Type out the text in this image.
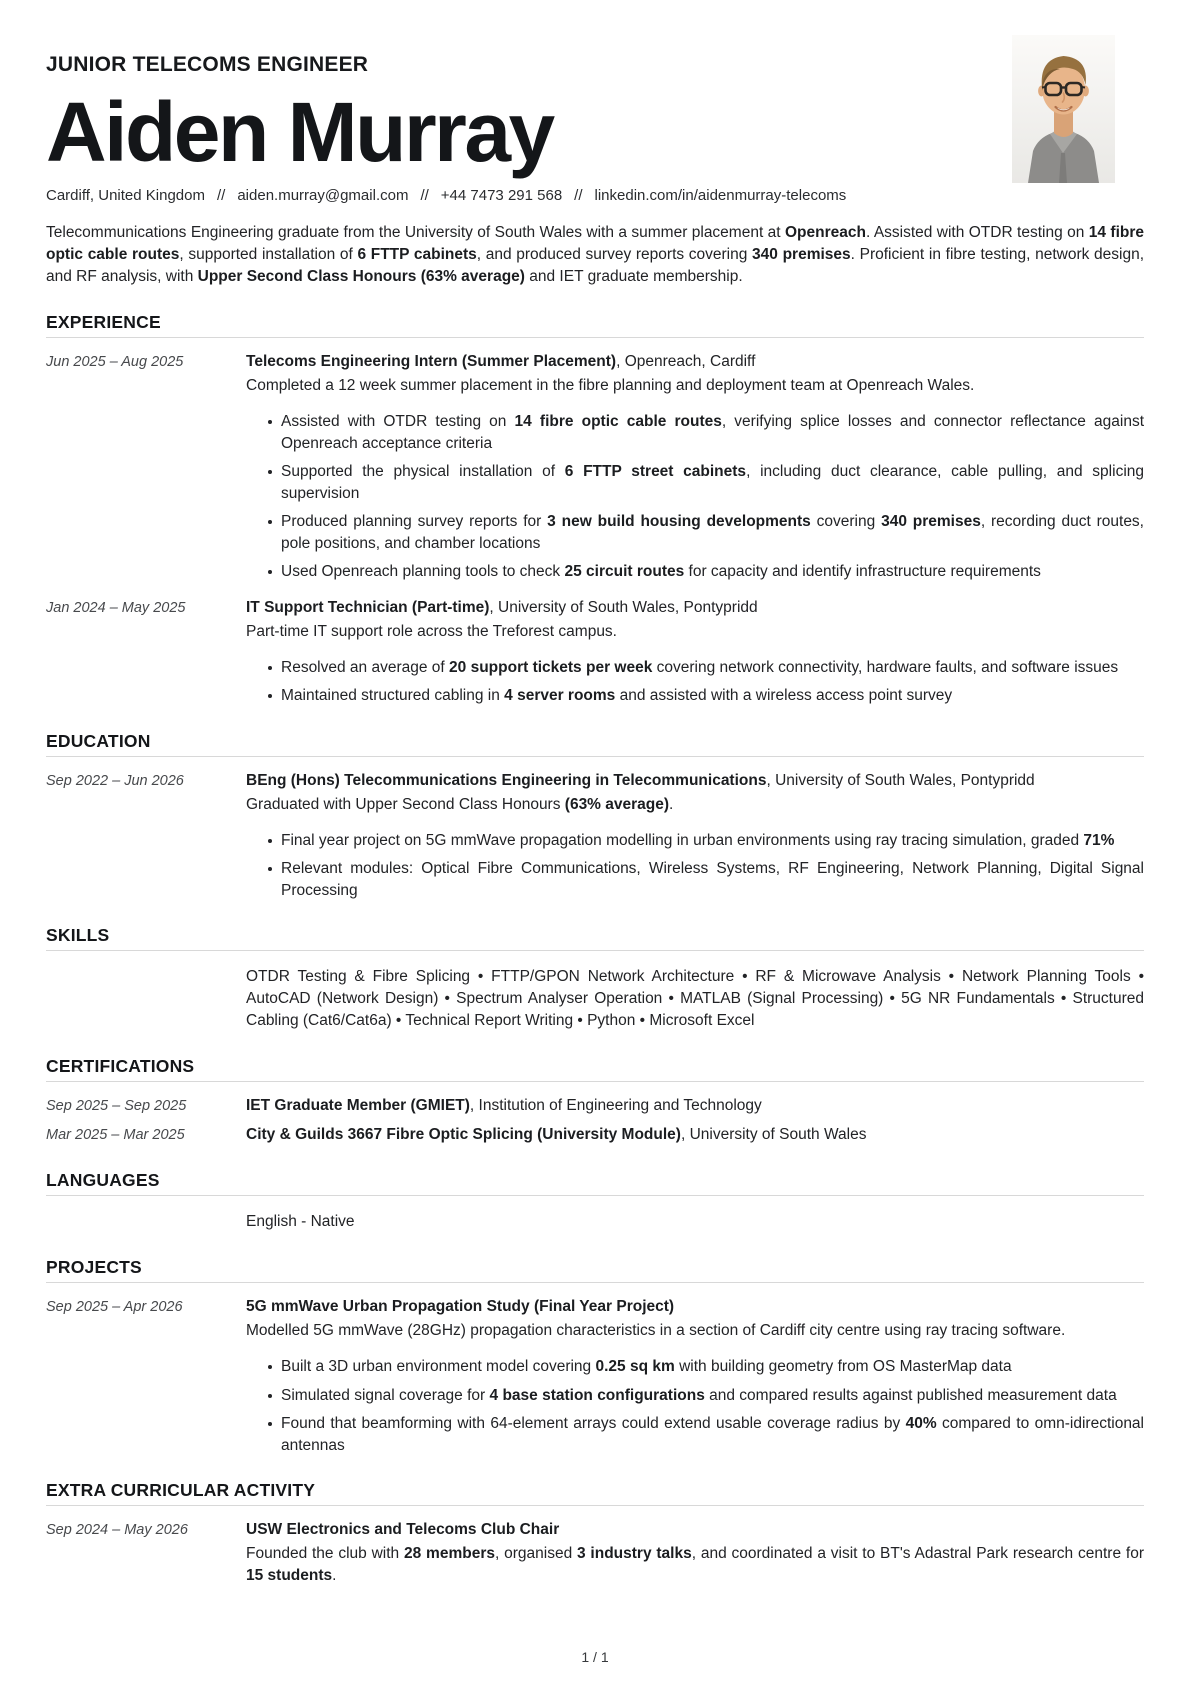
JUNIOR TELECOMS ENGINEER
Aiden Murray
Cardiff, United Kingdom // aiden.murray@gmail.com // +44 7473 291 568 // linkedin.com/in/aidenmurray-telecoms

Telecommunications Engineering graduate from the University of South Wales with a summer placement at Openreach. Assisted with OTDR testing on 14 fibre optic cable routes, supported installation of 6 FTTP cabinets, and produced survey reports covering 340 premises. Proficient in fibre testing, network design, and RF analysis, with Upper Second Class Honours (63% average) and IET graduate membership.

EXPERIENCE
Jun 2025 – Aug 2025	Telecoms Engineering Intern (Summer Placement), Openreach, Cardiff
Completed a 12 week summer placement in the fibre planning and deployment team at Openreach Wales.
Assisted with OTDR testing on 14 fibre optic cable routes, verifying splice losses and connector reflectance against Openreach acceptance criteria
Supported the physical installation of 6 FTTP street cabinets, including duct clearance, cable pulling, and splicing supervision
Produced planning survey reports for 3 new build housing developments covering 340 premises, recording duct routes, pole positions, and chamber locations
Used Openreach planning tools to check 25 circuit routes for capacity and identify infrastructure requirements
Jan 2024 – May 2025	IT Support Technician (Part-time), University of South Wales, Pontypridd
Part-time IT support role across the Treforest campus.
Resolved an average of 20 support tickets per week covering network connectivity, hardware faults, and software issues
Maintained structured cabling in 4 server rooms and assisted with a wireless access point survey
EDUCATION
Sep 2022 – Jun 2026	BEng (Hons) Telecommunications Engineering in Telecommunications, University of South Wales, Pontypridd
Graduated with Upper Second Class Honours (63% average).
Final year project on 5G mmWave propagation modelling in urban environments using ray tracing simulation, graded 71%
Relevant modules: Optical Fibre Communications, Wireless Systems, RF Engineering, Network Planning, Digital Signal Processing
SKILLS
OTDR Testing & Fibre Splicing • FTTP/GPON Network Architecture • RF & Microwave Analysis • Network Planning Tools • AutoCAD (Network Design) • Spectrum Analyser Operation • MATLAB (Signal Processing) • 5G NR Fundamentals • Structured Cabling (Cat6/Cat6a) • Technical Report Writing • Python • Microsoft Excel
CERTIFICATIONS
Sep 2025 – Sep 2025	IET Graduate Member (GMIET), Institution of Engineering and Technology
Mar 2025 – Mar 2025	City & Guilds 3667 Fibre Optic Splicing (University Module), University of South Wales
LANGUAGES
English - Native
PROJECTS
Sep 2025 – Apr 2026	5G mmWave Urban Propagation Study (Final Year Project)
Modelled 5G mmWave (28GHz) propagation characteristics in a section of Cardiff city centre using ray tracing software.
Built a 3D urban environment model covering 0.25 sq km with building geometry from OS MasterMap data
Simulated signal coverage for 4 base station configurations and compared results against published measurement data
Found that beamforming with 64-element arrays could extend usable coverage radius by 40% compared to omn-idirectional antennas
EXTRA CURRICULAR ACTIVITY
Sep 2024 – May 2026	USW Electronics and Telecoms Club Chair
Founded the club with 28 members, organised 3 industry talks, and coordinated a visit to BT's Adastral Park research centre for 15 students.
1 / 1
